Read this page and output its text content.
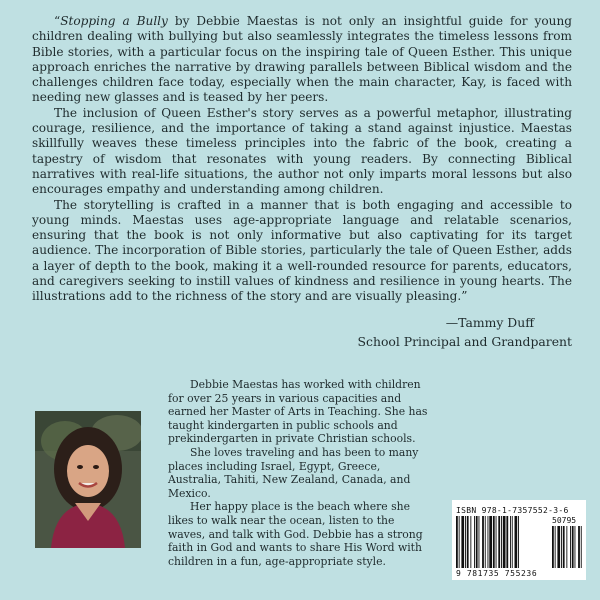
“Stopping a Bully by Debbie Maestas is not only an insightful guide for young children dealing with bullying but also seamlessly integrates the timeless lessons from Bible stories, with a particular focus on the inspiring tale of Queen Esther. This unique approach enriches the narrative by drawing parallels between Biblical wisdom and the challenges children face today, especially when the main character, Kay, is faced with needing new glasses and is teased by her peers.

The inclusion of Queen Esther's story serves as a powerful metaphor, illustrating courage, resilience, and the importance of taking a stand against injustice. Maestas skillfully weaves these timeless principles into the fabric of the book, creating a tapestry of wisdom that resonates with young readers. By connecting Biblical narratives with real-life situations, the author not only imparts moral lessons but also encourages empathy and understanding among children.

The storytelling is crafted in a manner that is both engaging and accessible to young minds. Maestas uses age-appropriate language and relatable scenarios, ensuring that the book is not only informative but also captivating for its target audience. The incorporation of Bible stories, particularly the tale of Queen Esther, adds a layer of depth to the book, making it a well-rounded resource for parents, educators, and caregivers seeking to instill values of kindness and resilience in young hearts. The illustrations add to the richness of the story and are visually pleasing.”

—Tammy Duff
School Principal and Grandparent

Debbie Maestas has worked with children for over 25 years in various capacities and earned her Master of Arts in Teaching. She has taught kindergarten in public schools and prekindergarten in private Christian schools.

She loves traveling and has been to many places including Israel, Egypt, Greece, Australia, Tahiti, New Zealand, Canada, and Mexico.

Her happy place is the beach where she likes to walk near the ocean, listen to the waves, and talk with God. Debbie has a strong faith in God and wants to share His Word with children in a fun, age-appropriate style.

ISBN 978-1-7357552-3-6
50795
9 781735 755236
